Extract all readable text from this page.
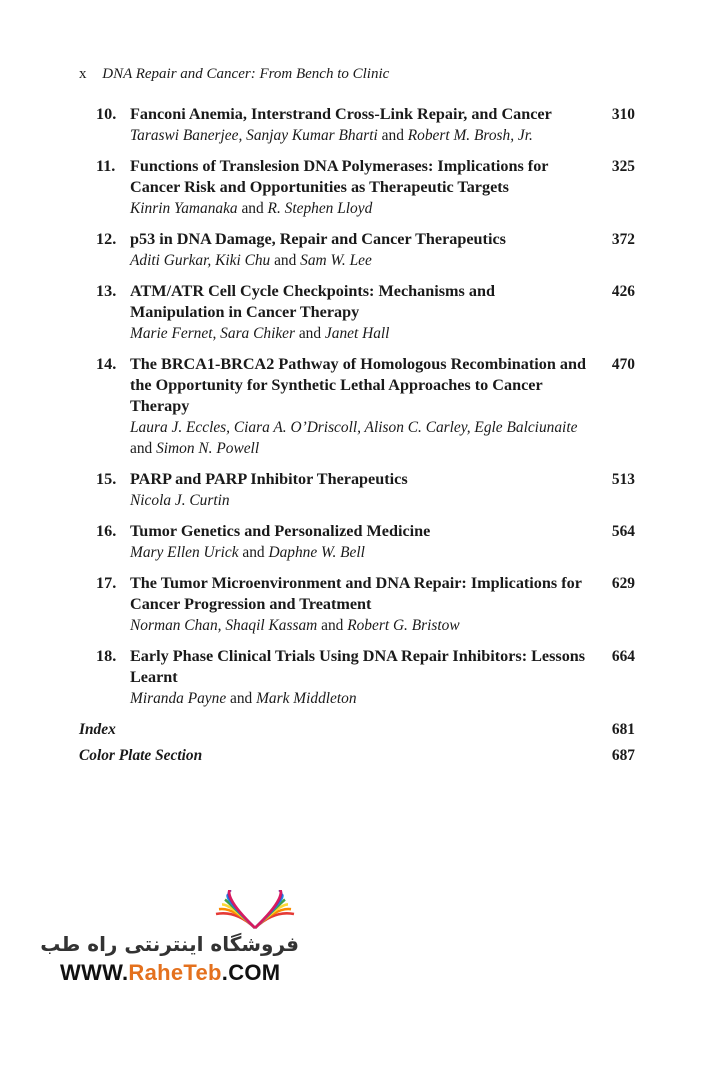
x DNA Repair and Cancer: From Bench to Clinic
10. Fanconi Anemia, Interstrand Cross-Link Repair, and Cancer
Taraswi Banerjee, Sanjay Kumar Bharti and Robert M. Brosh, Jr.
310
11. Functions of Translesion DNA Polymerases: Implications for Cancer Risk and Opportunities as Therapeutic Targets
Kinrin Yamanaka and R. Stephen Lloyd
325
12. p53 in DNA Damage, Repair and Cancer Therapeutics
Aditi Gurkar, Kiki Chu and Sam W. Lee
372
13. ATM/ATR Cell Cycle Checkpoints: Mechanisms and Manipulation in Cancer Therapy
Marie Fernet, Sara Chiker and Janet Hall
426
14. The BRCA1-BRCA2 Pathway of Homologous Recombination and the Opportunity for Synthetic Lethal Approaches to Cancer Therapy
Laura J. Eccles, Ciara A. O’Driscoll, Alison C. Carley, Egle Balciunaite and Simon N. Powell
470
15. PARP and PARP Inhibitor Therapeutics
Nicola J. Curtin
513
16. Tumor Genetics and Personalized Medicine
Mary Ellen Urick and Daphne W. Bell
564
17. The Tumor Microenvironment and DNA Repair: Implications for Cancer Progression and Treatment
Norman Chan, Shaqil Kassam and Robert G. Bristow
629
18. Early Phase Clinical Trials Using DNA Repair Inhibitors: Lessons Learnt
Miranda Payne and Mark Middleton
664
Index	681
Color Plate Section	687
فروشگاه اینترنتی راه طب
WWW.RaheTeb.COM
